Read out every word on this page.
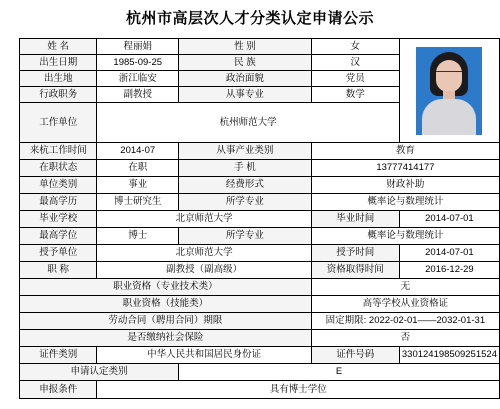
杭州市高层次人才分类认定申请公示
姓 名	程丽娟	性 别	女	

出生日期	1985-09-25	民 族	汉	
出生地	浙江临安	政治面貌	党员	
行政职务	副教授	从事专业	数学	
工作单位	杭州师范大学			
来杭工作时间	2014-07	从事产业类别	教育	
在职状态	在职	手 机	13777414177	
单位类别	事业	经费形式	财政补助	
最高学历	博士研究生	所学专业	概率论与数理统计	
毕业学校	北京师范大学		毕业时间	2014-07-01
最高学位	博士	所学专业	概率论与数理统计	
授予单位	北京师范大学		授予时间	2014-07-01
职 称	副教授（副高级）		资格取得时间	2016-12-29
职业资格（专业技术类）			无	
职业资格（技能类）			高等学校从业资格证	
劳动合同（聘用合同）期限			固定期限: 2022-02-01——2032-01-31	
是否缴纳社会保险			否	
证件类别	中华人民共和国居民身份证		证件号码	330124198509251524
申请认定类别		E		
申报条件	具有博士学位			
